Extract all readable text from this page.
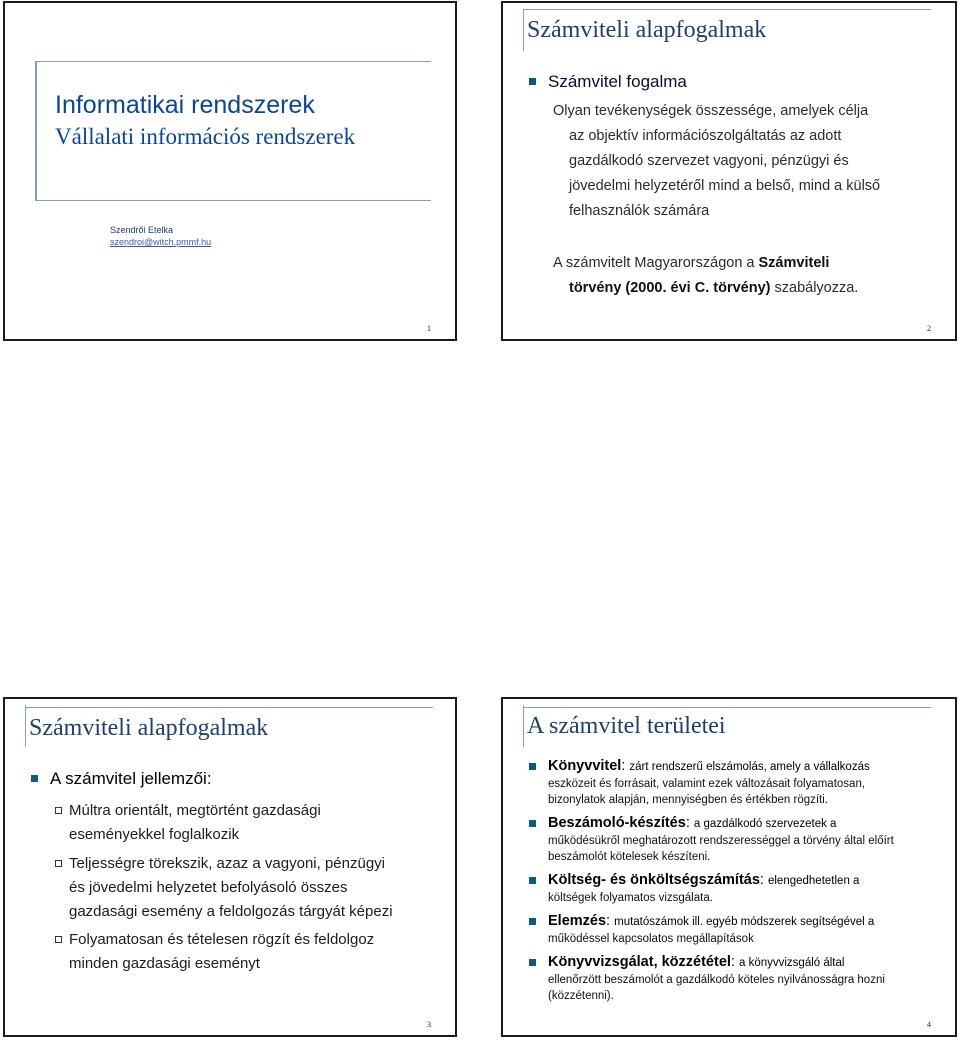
Informatikai rendszerek
Vállalati információs rendszerek
Szendrői Etelka
szendroi@witch.pmmf.hu
1
Számviteli alapfogalmak
Számvitel fogalma
Olyan tevékenységek összessége, amelyek célja
az objektív információszolgáltatás az adott
gazdálkodó szervezet vagyoni, pénzügyi és
jövedelmi helyzetéről mind a belső, mind a külső
felhasználók számára
A számvitelt Magyarországon a Számviteli
törvény (2000. évi C. törvény) szabályozza.
2
Számviteli alapfogalmak
A számvitel jellemzői:
Múltra orientált, megtörtént gazdasági
eseményekkel foglalkozik
Teljességre törekszik, azaz a vagyoni, pénzügyi
és jövedelmi helyzetet befolyásoló összes
gazdasági esemény a feldolgozás tárgyát képezi
Folyamatosan és tételesen rögzít és feldolgoz
minden gazdasági eseményt
3
A számvitel területei
Könyvvitel: zárt rendszerű elszámolás, amely a vállalkozás
eszközeit és forrásait, valamint ezek változásait folyamatosan,
bizonylatok alapján, mennyiségben és értékben rögzíti.
Beszámoló-készítés: a gazdálkodó szervezetek a
működésükről meghatározott rendszerességgel a törvény által előírt
beszámolót kötelesek készíteni.
Költség- és önköltségszámítás: elengedhetetlen a
költségek folyamatos vizsgálata.
Elemzés: mutatószámok ill. egyéb módszerek segítségével a
működéssel kapcsolatos megállapítások
Könyvvizsgálat, közzététel: a könyvvizsgáló által
ellenőrzött beszámolót a gazdálkodó köteles nyilvánosságra hozni
(közzétenni).
4
